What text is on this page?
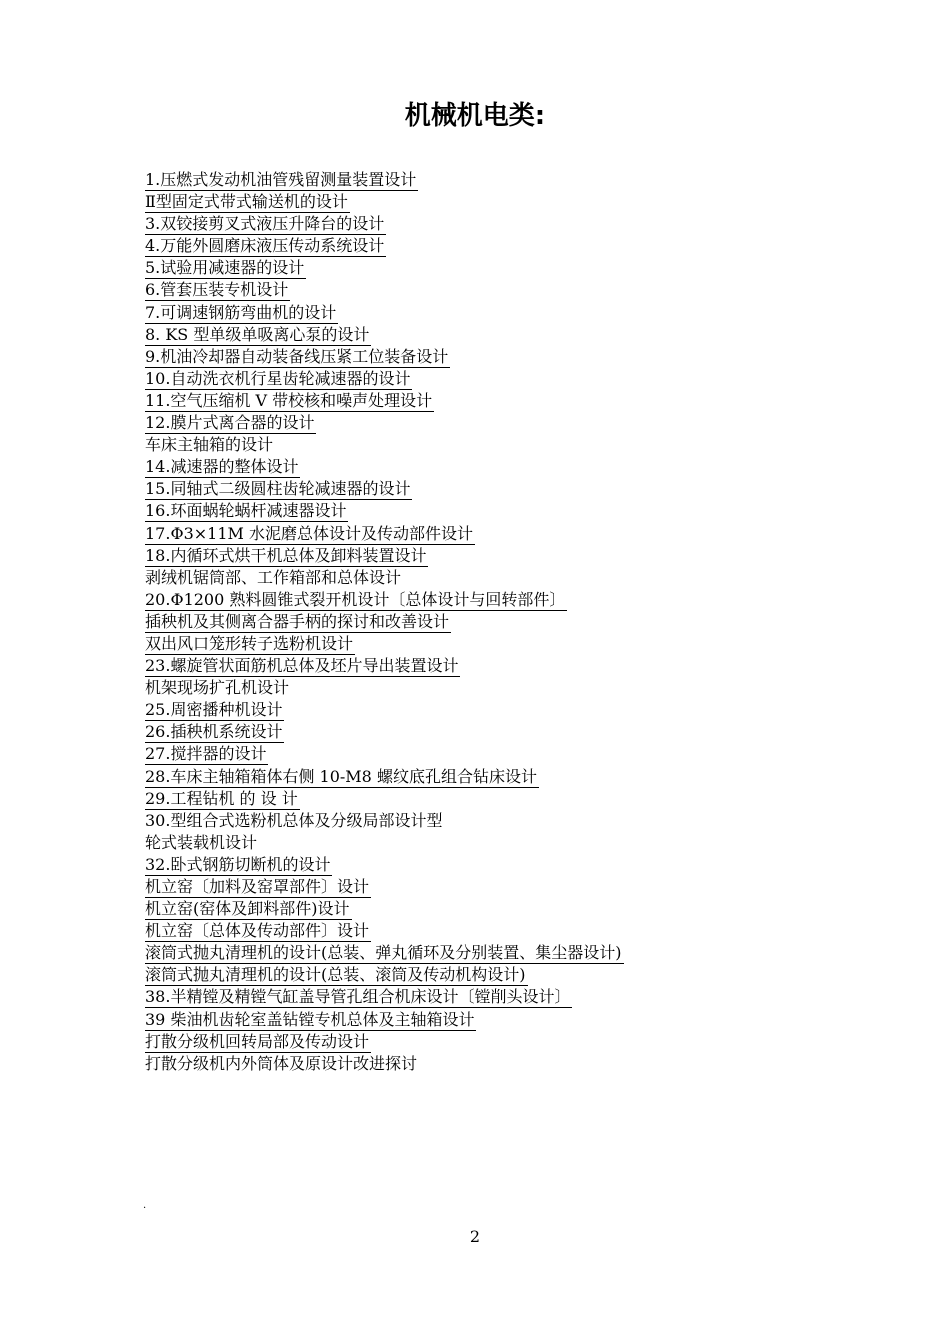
机械机电类:
1.压燃式发动机油管残留测量装置设计
Ⅱ型固定式带式输送机的设计
3.双铰接剪叉式液压升降台的设计
4.万能外圆磨床液压传动系统设计
5.试验用减速器的设计
6.管套压装专机设计
7.可调速钢筋弯曲机的设计
8. KS 型单级单吸离心泵的设计
9.机油冷却器自动装备线压紧工位装备设计
10.自动洗衣机行星齿轮减速器的设计
11.空气压缩机 V 带校核和噪声处理设计
12.膜片式离合器的设计
车床主轴箱的设计
14.减速器的整体设计
15.同轴式二级圆柱齿轮减速器的设计
16.环面蜗轮蜗杆减速器设计
17.Φ3×11M 水泥磨总体设计及传动部件设计
18.内循环式烘干机总体及卸料装置设计
剥绒机锯筒部、工作箱部和总体设计
20.Φ1200 熟料圆锥式裂开机设计〔总体设计与回转部件〕
插秧机及其侧离合器手柄的探讨和改善设计
双出风口笼形转子选粉机设计
23.螺旋管状面筋机总体及坯片导出装置设计
机架现场扩孔机设计
25.周密播种机设计
26.插秧机系统设计
27.搅拌器的设计
28.车床主轴箱箱体右侧 10-M8 螺纹底孔组合钻床设计
29.工程钻机 的 设 计
30.型组合式选粉机总体及分级局部设计型
轮式装载机设计
32.卧式钢筋切断机的设计
机立窑〔加料及窑罩部件〕设计
机立窑(窑体及卸料部件)设计
机立窑〔总体及传动部件〕设计
滚筒式抛丸清理机的设计(总装、弹丸循环及分别装置、集尘器设计)
滚筒式抛丸清理机的设计(总装、滚筒及传动机构设计)
38.半精镗及精镗气缸盖导管孔组合机床设计〔镗削头设计〕
39 柴油机齿轮室盖钻镗专机总体及主轴箱设计
打散分级机回转局部及传动设计
打散分级机内外筒体及原设计改进探讨
.
2
